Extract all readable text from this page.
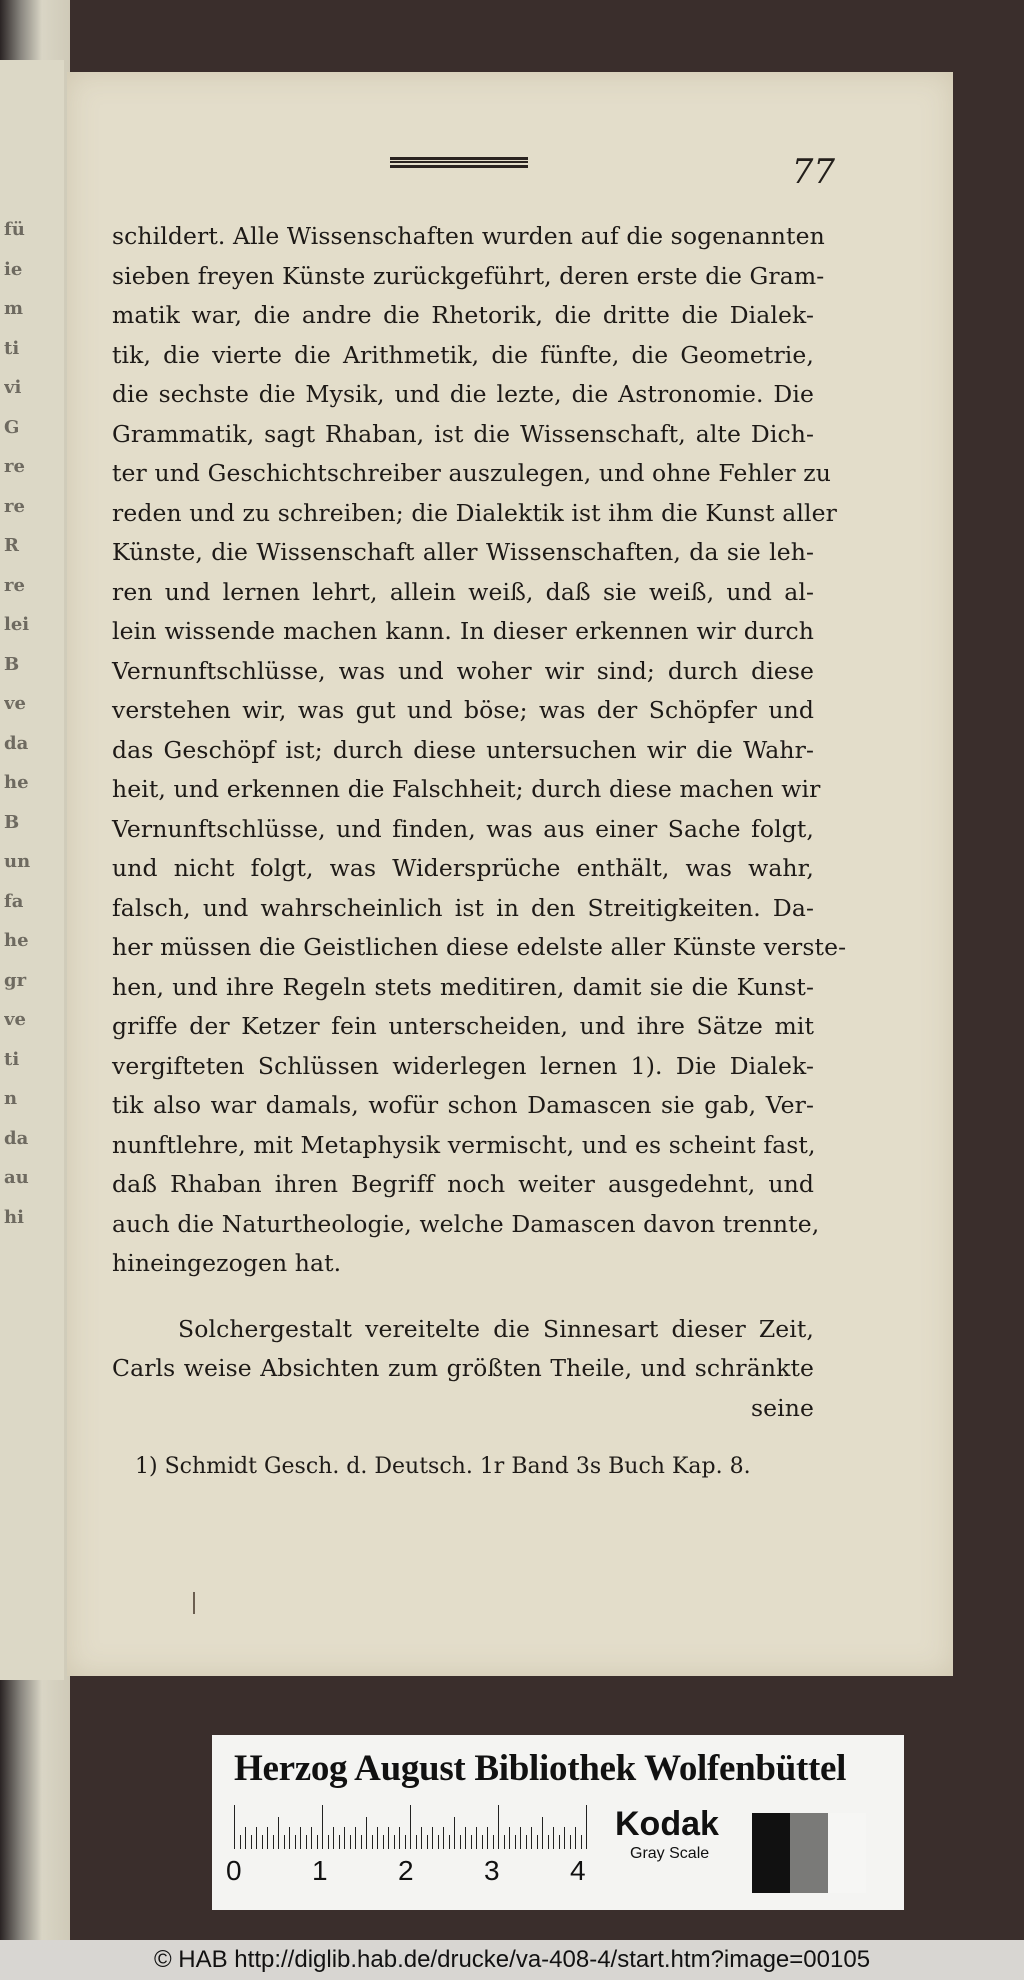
fü
ie
m
ti
vi
G
re
re
R
re
lei
B
ve
da
he
B
un
fa
he
gr
ve
ti
n
da
au
hi
77
schildert. Alle Wissenschaften wurden auf die sogenannten
sieben freyen Künste zurückgeführt, deren erste die Gram-
matik war, die andre die Rhetorik, die dritte die Dialek-
tik, die vierte die Arithmetik, die fünfte, die Geometrie,
die sechste die Mysik, und die lezte, die Astronomie. Die
Grammatik, sagt Rhaban, ist die Wissenschaft, alte Dich-
ter und Geschichtschreiber auszulegen, und ohne Fehler zu
reden und zu schreiben; die Dialektik ist ihm die Kunst aller
Künste, die Wissenschaft aller Wissenschaften, da sie leh-
ren und lernen lehrt, allein weiß, daß sie weiß, und al-
lein wissende machen kann. In dieser erkennen wir durch
Vernunftschlüsse, was und woher wir sind; durch diese
verstehen wir, was gut und böse; was der Schöpfer und
das Geschöpf ist; durch diese untersuchen wir die Wahr-
heit, und erkennen die Falschheit; durch diese machen wir
Vernunftschlüsse, und finden, was aus einer Sache folgt,
und nicht folgt, was Widersprüche enthält, was wahr,
falsch, und wahrscheinlich ist in den Streitigkeiten. Da-
her müssen die Geistlichen diese edelste aller Künste verste-
hen, und ihre Regeln stets meditiren, damit sie die Kunst-
griffe der Ketzer fein unterscheiden, und ihre Sätze mit
vergifteten Schlüssen widerlegen lernen 1). Die Dialek-
tik also war damals, wofür schon Damascen sie gab, Ver-
nunftlehre, mit Metaphysik vermischt, und es scheint fast,
daß Rhaban ihren Begriff noch weiter ausgedehnt, und
auch die Naturtheologie, welche Damascen davon trennte,
hineingezogen hat.
Solchergestalt vereitelte die Sinnesart dieser Zeit,
Carls weise Absichten zum größten Theile, und schränkte
seine
1) Schmidt Gesch. d. Deutsch. 1r Band 3s Buch Kap. 8.
Herzog August Bibliothek Wolfenbüttel
0	1	2	3	4
Kodak
Gray Scale
© HAB http://diglib.hab.de/drucke/va-408-4/start.htm?image=00105
